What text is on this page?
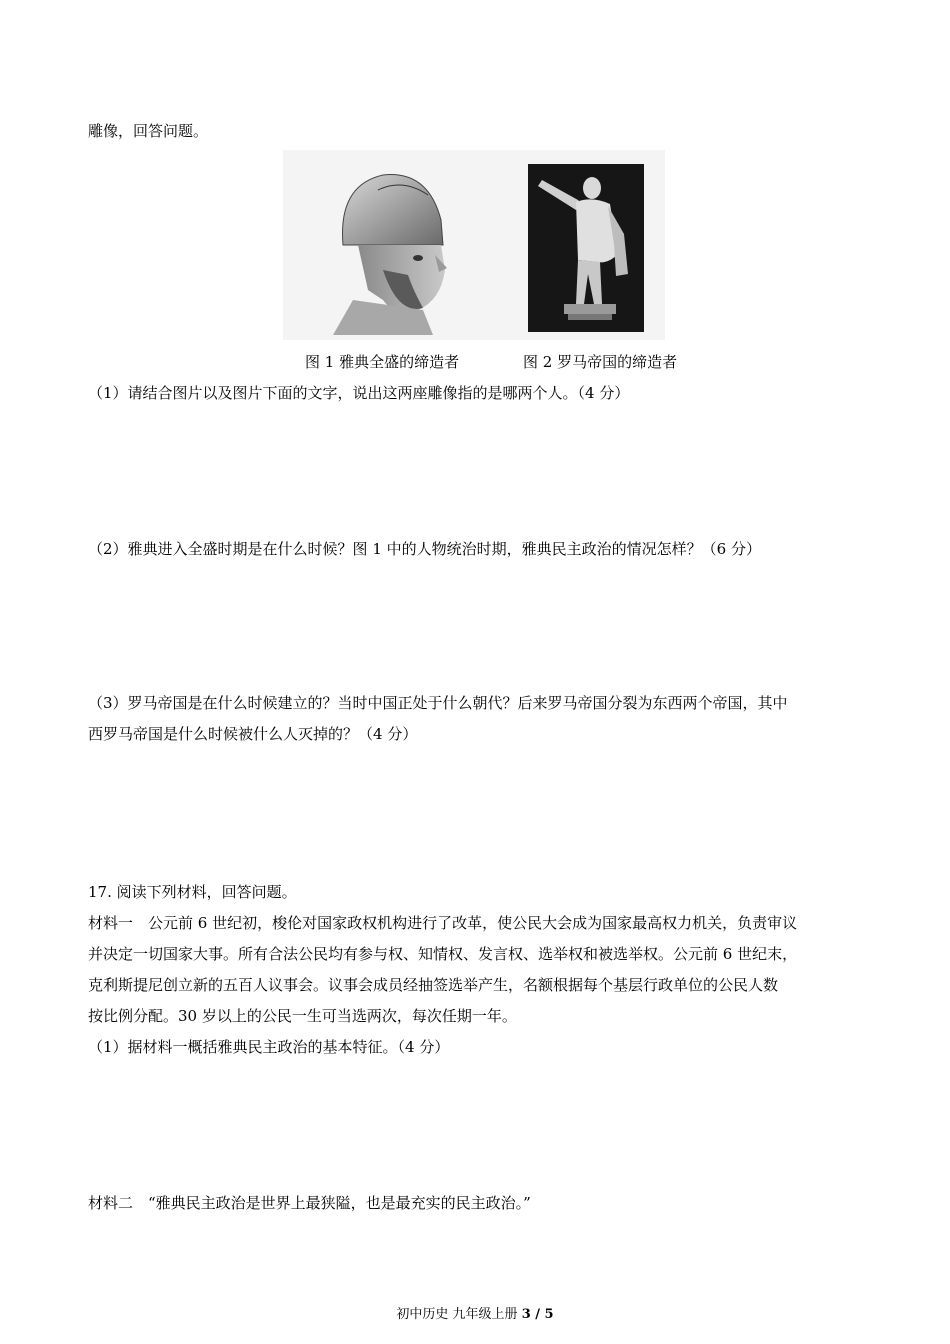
雕像，回答问题。
图 1 雅典全盛的缔造者	图 2 罗马帝国的缔造者
（1）请结合图片以及图片下面的文字，说出这两座雕像指的是哪两个人。（4 分）
（2）雅典进入全盛时期是在什么时候？图 1 中的人物统治时期，雅典民主政治的情况怎样？（6 分）
（3）罗马帝国是在什么时候建立的？当时中国正处于什么朝代？后来罗马帝国分裂为东西两个帝国，其中
西罗马帝国是什么时候被什么人灭掉的？（4 分）
17. 阅读下列材料，回答问题。
材料一　公元前 6 世纪初，梭伦对国家政权机构进行了改革，使公民大会成为国家最高权力机关，负责审议
并决定一切国家大事。所有合法公民均有参与权、知情权、发言权、选举权和被选举权。公元前 6 世纪末，
克利斯提尼创立新的五百人议事会。议事会成员经抽签选举产生，名额根据每个基层行政单位的公民人数
按比例分配。30 岁以上的公民一生可当选两次，每次任期一年。
（1）据材料一概括雅典民主政治的基本特征。（4 分）
材料二　“雅典民主政治是世界上最狭隘，也是最充实的民主政治。”
初中历史 九年级上册 3 / 5
